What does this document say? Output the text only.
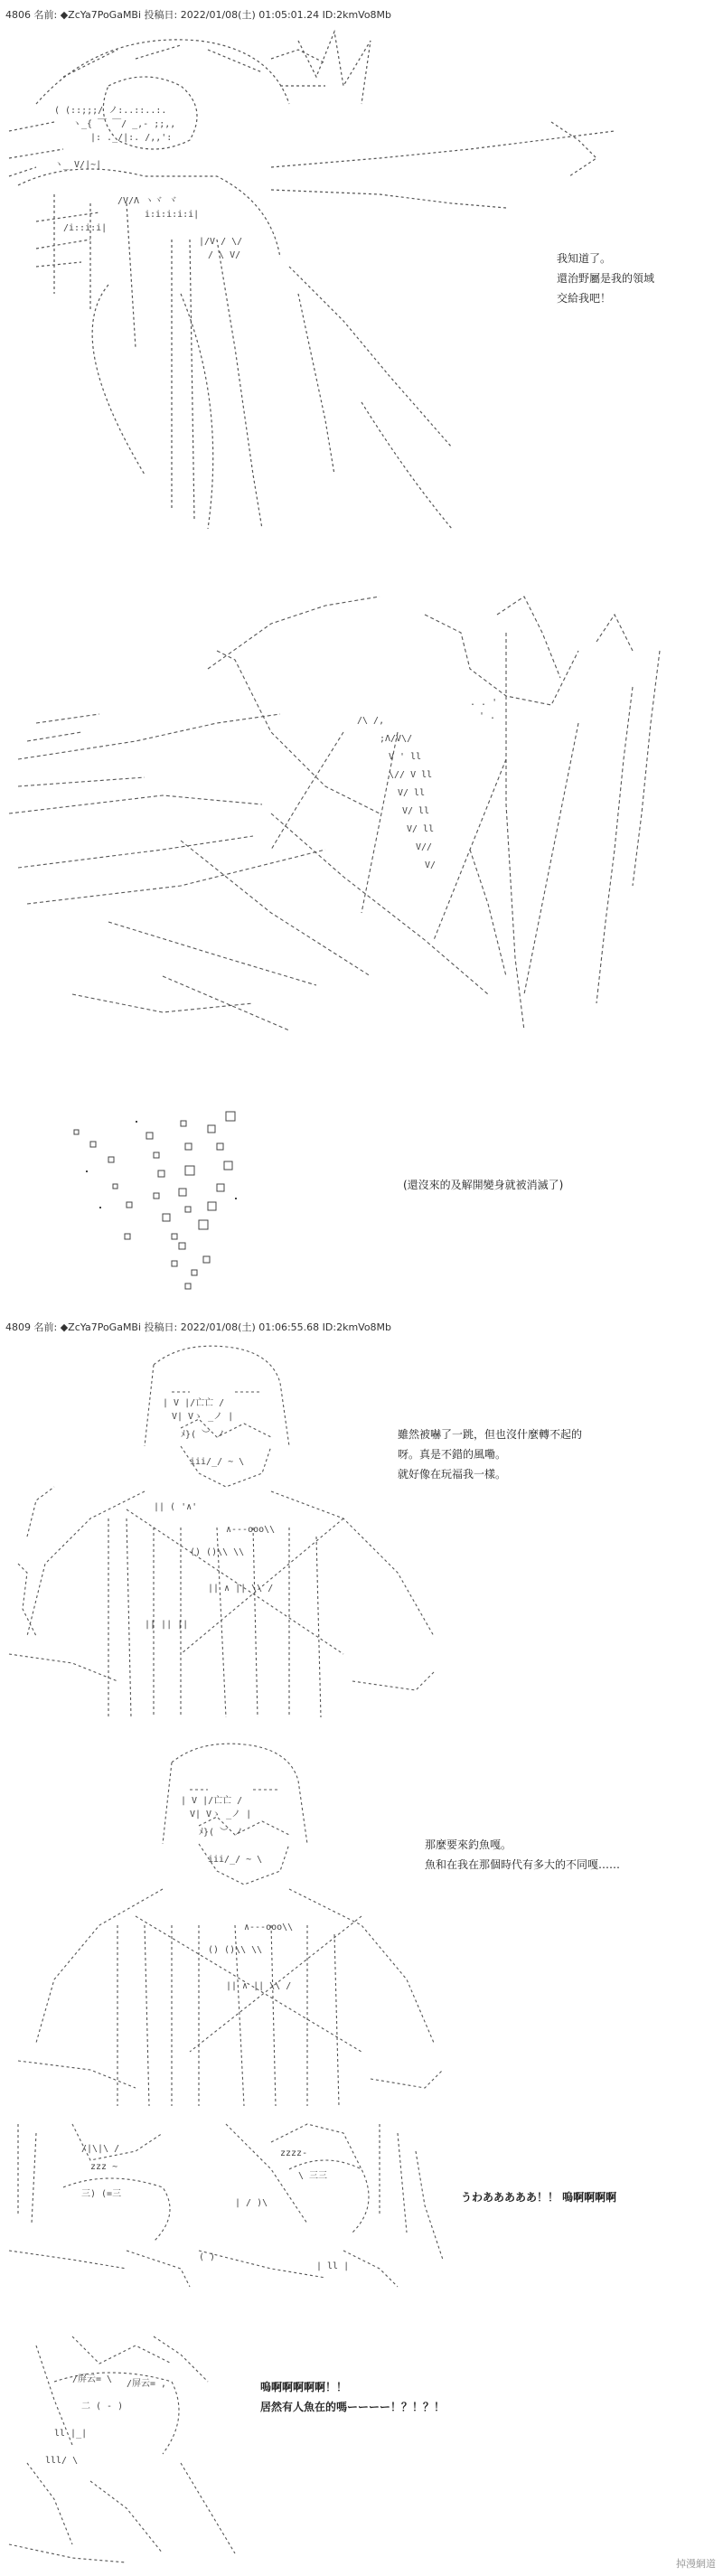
4806 名前: ◆ZcYa7PoGaMBi 投稿日: 2022/01/08(土) 01:05:01.24 ID:2kmVo8Mb
( (::;;;/ ノ:..::..:.
ヽ_{ ￣ ￣/ _,‐ ;;,,
|: ._/|:. /,,':
ヽ_ V/|~|
/V/Λ ヽヾ ヾ
i:i:i:i:i|
/i::i:i|
|/V / \/
/ \ V/	我知道了。
還治野屬是我的領域
交給我吧！
/\ /,
;Λ/V\/
V ' ll
\// V ll
V/ ll
V/ ll
V/ ll
V//
V/
. . '
' .
(還沒來的及解開變身就被消滅了)
4809 名前: ◆ZcYa7PoGaMBi 投稿日: 2022/01/08(土) 01:06:55.68 ID:2kmVo8Mb
| V |/亡亡 /
V| Vゝ _ノ |
ﾒ}( ︶ ノ
iii/_/ ~ \
|| ( '∧'
∧---ooo\\
() ()\\ \\
|| ∧ || \\ /
|| || ||
雖然被嚇了一跳，但也沒什麼轉不起的
呀。真是不錯的風嘞。
就好像在玩福我一樣。
| V |/亡亡 /
V| Vゝ _ノ |
ﾒ}( ︶ ノ
iii/_/ ~ \
∧---ooo\\
() ()\\ \\
|| ∧ || \\ /
那麼要來釣魚嘎。
魚和在我在那個時代有多大的不同嘎……
/|\|\ /
zzz ~
三) (=三
zzzz-
\ 三三
| / )\
( )
| ll |
うわあああああ！！ 嗚啊啊啊啊
/屏云= \ /屏云= ,
二 ( - )
ll |_|
lll/ \
嗚啊啊啊啊啊！！
居然有人魚在的嗎ーーーー！？！？！
掉漫網道
